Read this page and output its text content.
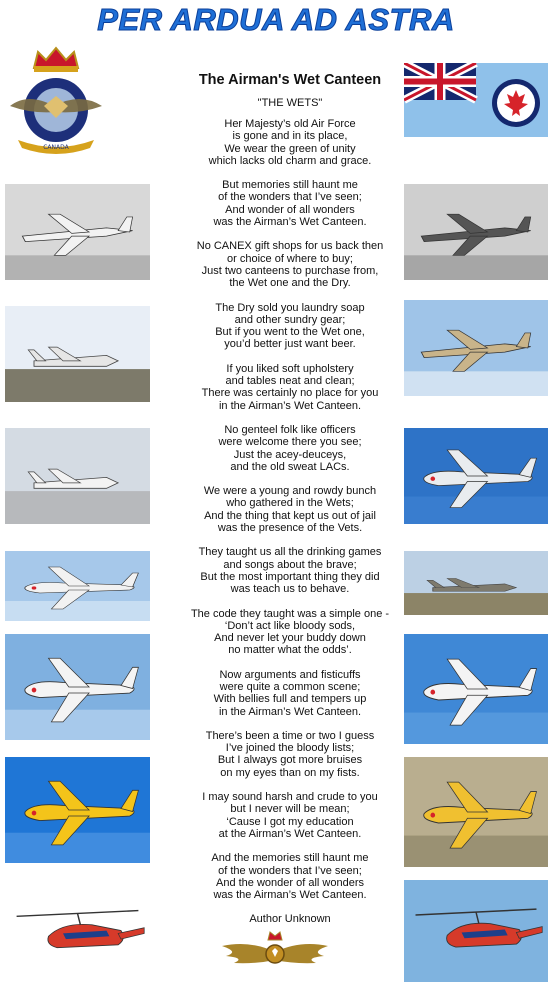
PER ARDUA AD ASTRA
CANADA
The Airman's Wet Canteen
"THE WETS"
Her Majesty’s old Air Force
is gone and in its place,
We wear the green of unity
which lacks old charm and grace.
But memories still haunt me
of the wonders that I’ve seen;
And wonder of all wonders
was the Airman’s Wet Canteen.
No CANEX gift shops for us back then
or choice of where to buy;
Just two canteens to purchase from,
the Wet one and the Dry.
The Dry sold you laundry soap
and other sundry gear;
But if you went to the Wet one,
you’d better just want beer.
If you liked soft upholstery
and tables neat and clean;
There was certainly no place for you
in the Airman’s Wet Canteen.
No genteel folk like officers
were welcome there you see;
Just the acey-deuceys,
and the old sweat LACs.
We were a young and rowdy bunch
who gathered in the Wets;
And the thing that kept us out of jail
was the presence of the Vets.
They taught us all the drinking games
and songs about the brave;
But the most important thing they did
was teach us to behave.
The code they taught was a simple one -
‘Don’t act like bloody sods,
And never let your buddy down
no matter what the odds’.
Now arguments and fisticuffs
were quite a common scene;
With bellies full and tempers up
in the Airman’s Wet Canteen.
There’s been a time or two I guess
I’ve joined the bloody lists;
But I always got more bruises
on my eyes than on my fists.
I may sound harsh and crude to you
but I never will be mean;
‘Cause I got my education
at the Airman’s Wet Canteen.
And the memories still haunt me
of the wonders that I’ve seen;
And the wonder of all wonders
was the Airman’s Wet Canteen.
Author Unknown
